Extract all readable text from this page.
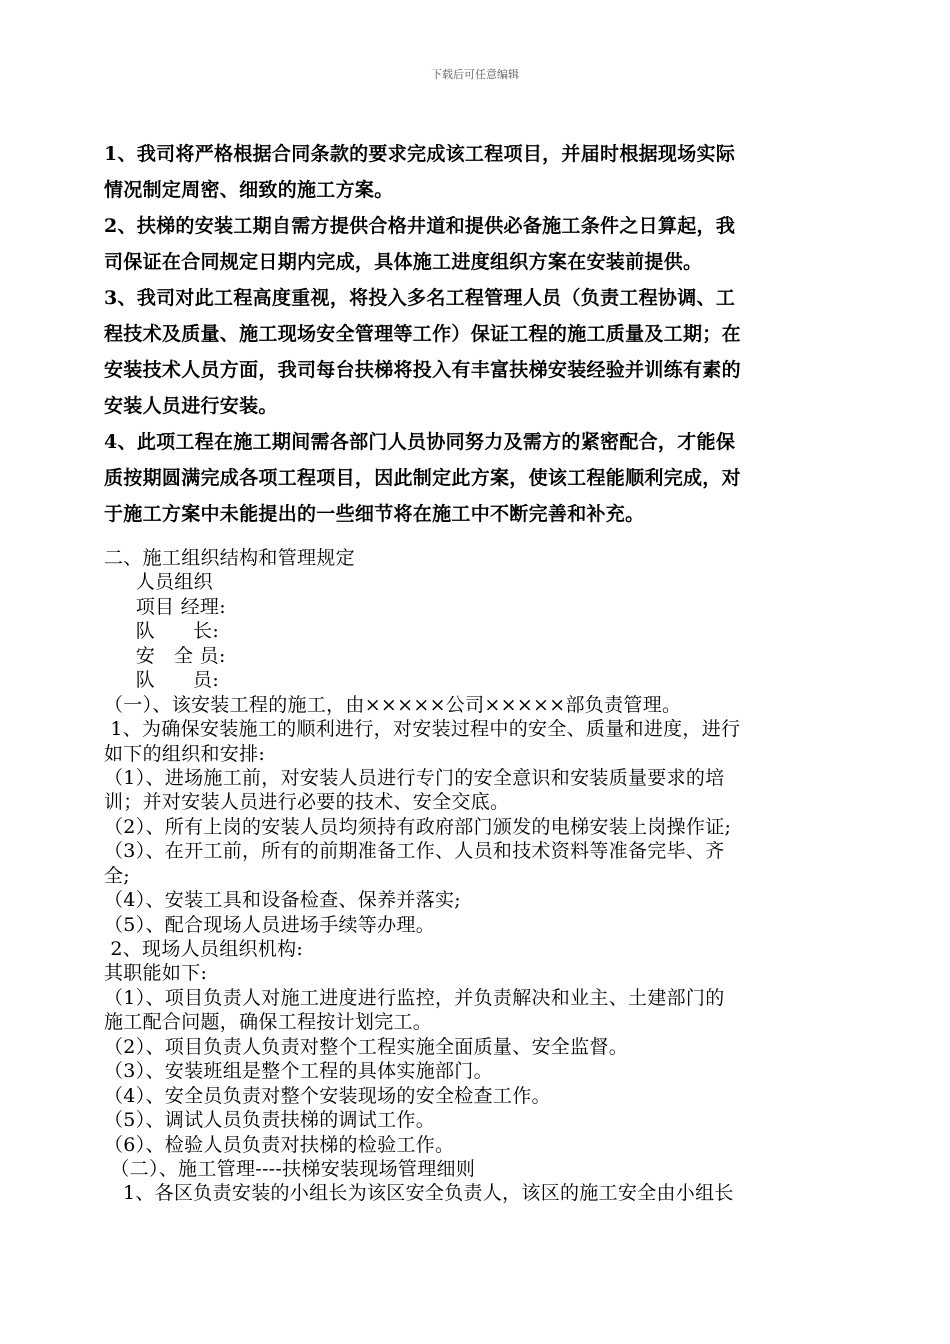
下载后可任意编辑
1、我司将严格根据合同条款的要求完成该工程项目，并届时根据现场实际
情况制定周密、细致的施工方案。
2、扶梯的安装工期自需方提供合格井道和提供必备施工条件之日算起，我
司保证在合同规定日期内完成，具体施工进度组织方案在安装前提供。
3、我司对此工程高度重视，将投入多名工程管理人员（负责工程协调、工
程技术及质量、施工现场安全管理等工作）保证工程的施工质量及工期；在
安装技术人员方面，我司每台扶梯将投入有丰富扶梯安装经验并训练有素的
安装人员进行安装。
4、此项工程在施工期间需各部门人员协同努力及需方的紧密配合，才能保
质按期圆满完成各项工程项目，因此制定此方案，使该工程能顺利完成，对
于施工方案中未能提出的一些细节将在施工中不断完善和补充。
二、施工组织结构和管理规定
人员组织
项目 经理:
队      长:
安   全 员:
队      员:
（一）、该安装工程的施工，由×××××公司×××××部负责管理。
1、为确保安装施工的顺利进行，对安装过程中的安全、质量和进度，进行
如下的组织和安排:
（1）、进场施工前，对安装人员进行专门的安全意识和安装质量要求的培
训；并对安装人员进行必要的技术、安全交底。
（2）、所有上岗的安装人员均须持有政府部门颁发的电梯安装上岗操作证;
（3）、在开工前，所有的前期准备工作、人员和技术资料等准备完毕、齐
全;
（4）、安装工具和设备检查、保养并落实;
（5）、配合现场人员进场手续等办理。
2、现场人员组织机构:
其职能如下:
（1）、项目负责人对施工进度进行监控，并负责解决和业主、土建部门的
施工配合问题，确保工程按计划完工。
（2）、项目负责人负责对整个工程实施全面质量、安全监督。
（3）、安装班组是整个工程的具体实施部门。
（4）、安全员负责对整个安装现场的安全检查工作。
（5）、调试人员负责扶梯的调试工作。
（6）、检验人员负责对扶梯的检验工作。
（二）、施工管理----扶梯安装现场管理细则
1、各区负责安装的小组长为该区安全负责人，该区的施工安全由小组长
